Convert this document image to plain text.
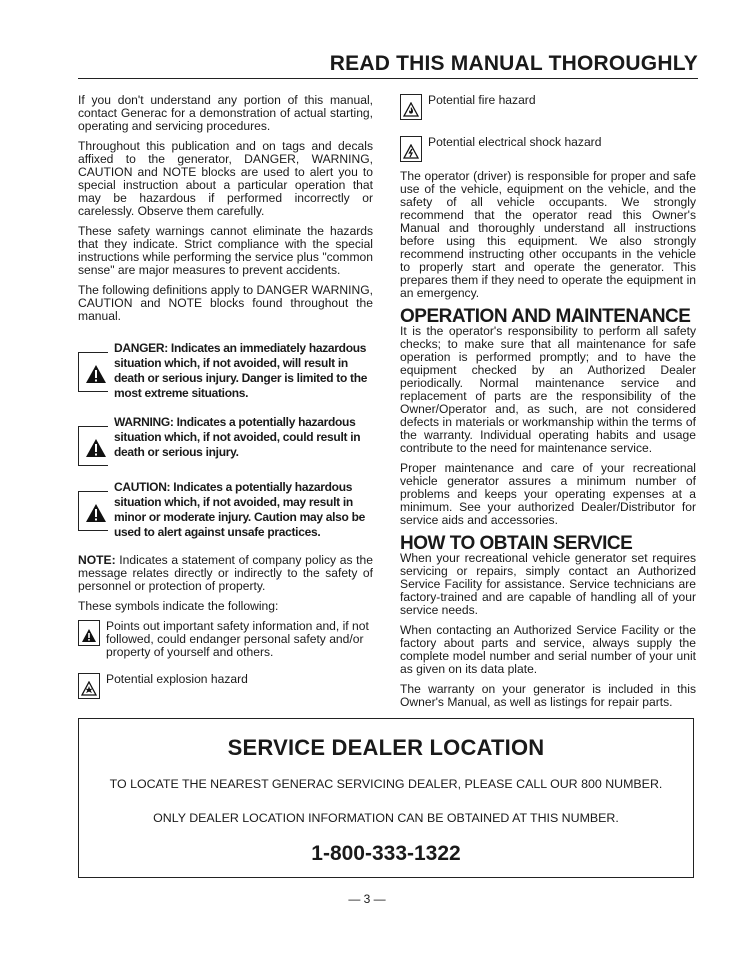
READ THIS MANUAL THOROUGHLY

If you don't understand any portion of this manual, contact Generac for a demonstration of actual starting, operating and servicing procedures.

Throughout this publication and on tags and decals affixed to the generator, DANGER, WARNING, CAUTION and NOTE blocks are used to alert you to special instruction about a particular operation that may be hazardous if performed incorrectly or carelessly. Observe them carefully.

These safety warnings cannot eliminate the hazards that they indicate. Strict compliance with the special instructions while performing the service plus "common sense" are major measures to prevent accidents.

The following definitions apply to DANGER WARNING, CAUTION and NOTE blocks found throughout the manual.

DANGER: Indicates an immediately hazardous situation which, if not avoided, will result in death or serious injury. Danger is limited to the most extreme situations.
WARNING: Indicates a potentially hazardous situation which, if not avoided, could result in death or serious injury.
CAUTION: Indicates a potentially hazardous situation which, if not avoided, may result in minor or moderate injury. Caution may also be used to alert against unsafe practices.

NOTE: Indicates a statement of company policy as the message relates directly or indirectly to the safety of personnel or protection of property.

These symbols indicate the following:

Points out important safety information and, if not followed, could endanger personal safety and/or property of yourself and others.
Potential explosion hazard
Potential fire hazard
Potential electrical shock hazard

The operator (driver) is responsible for proper and safe use of the vehicle, equipment on the vehicle, and the safety of all vehicle occupants. We strongly recommend that the operator read this Owner's Manual and thoroughly understand all instructions before using this equipment. We also strongly recommend instructing other occupants in the vehicle to properly start and operate the generator. This prepares them if they need to operate the equipment in an emergency.

OPERATION AND MAINTENANCE

It is the operator's responsibility to perform all safety checks; to make sure that all maintenance for safe operation is performed promptly; and to have the equipment checked by an Authorized Dealer periodically. Normal maintenance service and replacement of parts are the responsibility of the Owner/Operator and, as such, are not considered defects in materials or workmanship within the terms of the warranty. Individual operating habits and usage contribute to the need for maintenance service.

Proper maintenance and care of your recreational vehicle generator assures a minimum number of problems and keeps your operating expenses at a minimum. See your authorized Dealer/Distributor for service aids and accessories.

HOW TO OBTAIN SERVICE

When your recreational vehicle generator set requires servicing or repairs, simply contact an Authorized Service Facility for assistance. Service technicians are factory-trained and are capable of handling all of your service needs.

When contacting an Authorized Service Facility or the factory about parts and service, always supply the complete model number and serial number of your unit as given on its data plate.

The warranty on your generator is included in this Owner's Manual, as well as listings for repair parts.

SERVICE DEALER LOCATION
TO LOCATE THE NEAREST GENERAC SERVICING DEALER, PLEASE CALL OUR 800 NUMBER.
ONLY DEALER LOCATION INFORMATION CAN BE OBTAINED AT THIS NUMBER.
1-800-333-1322
— 3 —
